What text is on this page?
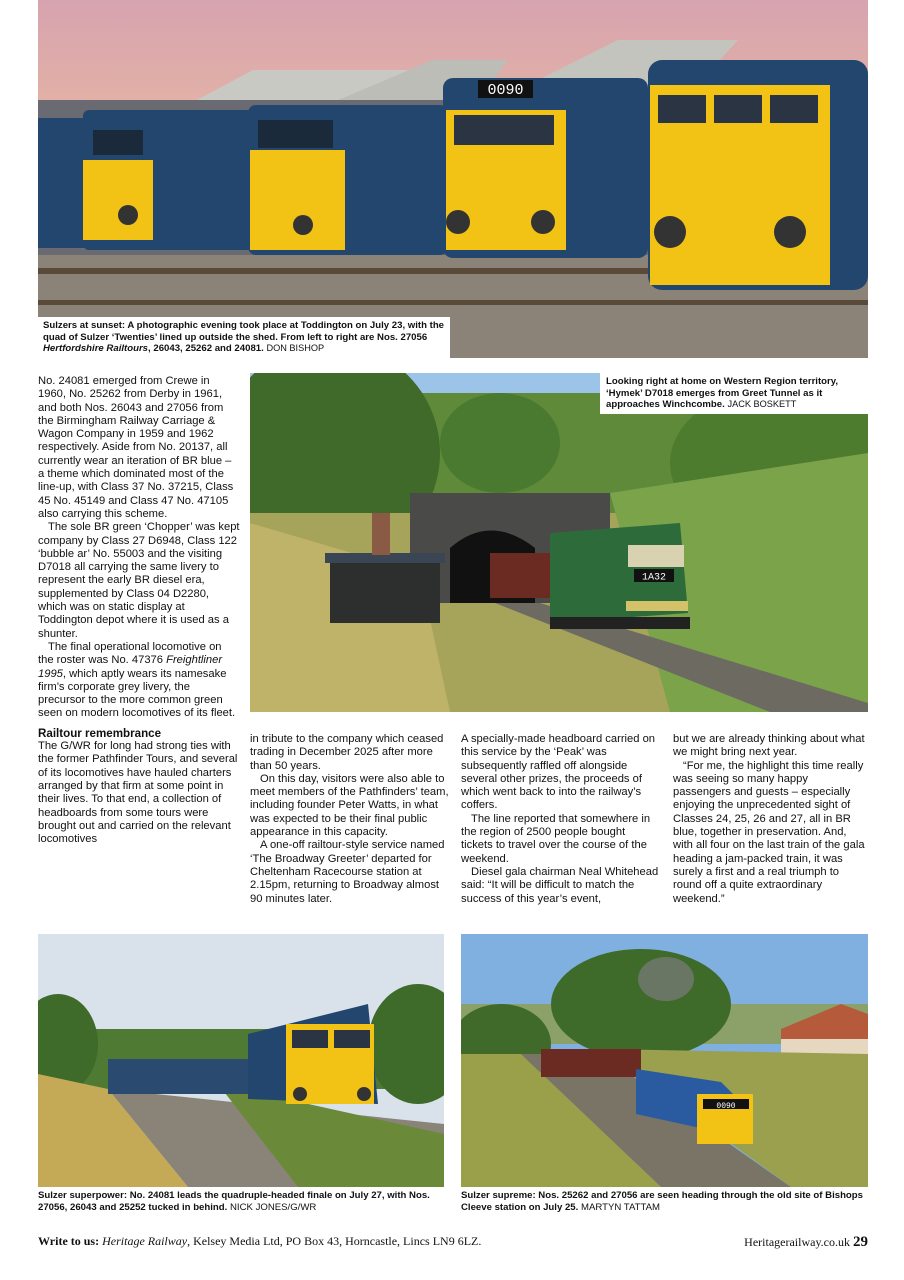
0090
Sulzers at sunset: A photographic evening took place at Toddington on July 23, with the quad of Sulzer ‘Twenties’ lined up outside the shed. From left to right are Nos. 27056 Hertfordshire Railtours, 26043, 25262 and 24081. DON BISHOP
1A32
Looking right at home on Western Region territory, ‘Hymek’ D7018 emerges from Greet Tunnel as it approaches Winchcombe. JACK BOSKETT

No. 24081 emerged from Crewe in 1960, No. 25262 from Derby in 1961, and both Nos. 26043 and 27056 from the Birmingham Railway Carriage & Wagon Company in 1959 and 1962 respectively. Aside from No. 20137, all currently wear an iteration of BR blue – a theme which dominated most of the line-up, with Class 37 No. 37215, Class 45 No. 45149 and Class 47 No. 47105 also carrying this scheme.

The sole BR green ‘Chopper’ was kept company by Class 27 D6948, Class 122 ‘bubble ar’ No. 55003 and the visiting D7018 all carrying the same livery to represent the early BR diesel era, supplemented by Class 04 D2280, which was on static display at Toddington depot where it is used as a shunter.

The final operational locomotive on the roster was No. 47376 Freightliner 1995, which aptly wears its namesake firm’s corporate grey livery, the precursor to the more common green seen on modern locomotives of its fleet.

Railtour remembrance

The G/WR for long had strong ties with the former Pathfinder Tours, and several of its locomotives have hauled charters arranged by that firm at some point in their lives. To that end, a collection of headboards from some tours were brought out and carried on the relevant locomotives

in tribute to the company which ceased trading in December 2025 after more than 50 years.

On this day, visitors were also able to meet members of the Pathfinders’ team, including founder Peter Watts, in what was expected to be their final public appearance in this capacity.

A one-off railtour-style service named ‘The Broadway Greeter’ departed for Cheltenham Racecourse station at 2.15pm, returning to Broadway almost 90 minutes later.

A specially-made headboard carried on this service by the ‘Peak’ was subsequently raffled off alongside several other prizes, the proceeds of which went back to into the railway’s coffers.

The line reported that somewhere in the region of 2500 people bought tickets to travel over the course of the weekend.

Diesel gala chairman Neal Whitehead said: “It will be difficult to match the success of this year’s event,

but we are already thinking about what we might bring next year.

“For me, the highlight this time really was seeing so many happy passengers and guests – especially enjoying the unprecedented sight of Classes 24, 25, 26 and 27, all in BR blue, together in preservation. And, with all four on the last train of the gala heading a jam-packed train, it was surely a first and a real triumph to round off a quite extraordinary weekend.”

Sulzer superpower: No. 24081 leads the quadruple-headed finale on July 27, with Nos. 27056, 26043 and 25252 tucked in behind. NICK JONES/G/WR
0090
Sulzer supreme: Nos. 25262 and 27056 are seen heading through the old site of Bishops Cleeve station on July 25. MARTYN TATTAM
Write to us: Heritage Railway, Kelsey Media Ltd, PO Box 43, Horncastle, Lincs LN9 6LZ.	Heritagerailway.co.uk 29
